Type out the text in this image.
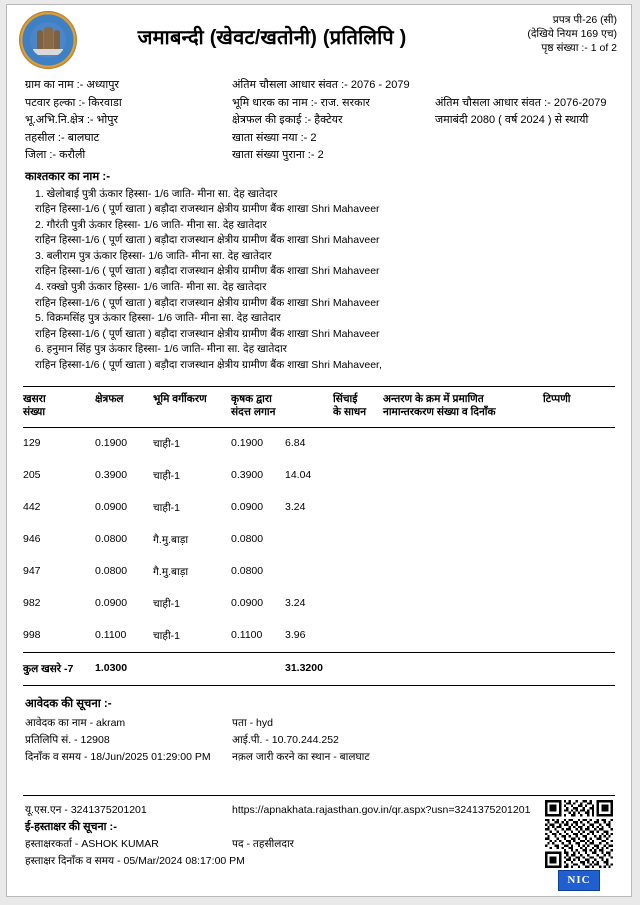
जमाबन्दी (खेवट/खतोनी) (प्रतिलिपि )
प्रपत्र पी-26 (सी)
(देखिये नियम 169 एच)
पृष्ठ संख्या :- 1 of 2
ग्राम का नाम :- अध्यापुर	अंतिम चौसला आधार संवत :- 2076 - 2079
पटवार हल्का :- किरवाडा	भूमि धारक का नाम :- राज. सरकार	अंतिम चौसला आधार संवत :- 2076-2079
भू.अभि.नि.क्षेत्र :- भोपुर	क्षेत्रफल की इकाई :- हैक्टेयर	जमाबंदी 2080 ( वर्ष 2024 ) से स्थायी
तहसील :- बालघाट	खाता संख्या नया :- 2
जिला :- करौली	खाता संख्या पुराना :- 2
काश्तकार का नाम :-
1. खेलोबाई पुत्री ऊंकार हिस्सा- 1/6 जाति- मीना सा. देह खातेदार
राहिन हिस्सा-1/6 ( पूर्ण खाता ) बड़ौदा राजस्थान क्षेत्रीय ग्रामीण बैंक शाखा Shri Mahaveer
2. गौरंती पुत्री ऊंकार हिस्सा- 1/6 जाति- मीना सा. देह खातेदार
राहिन हिस्सा-1/6 ( पूर्ण खाता ) बड़ौदा राजस्थान क्षेत्रीय ग्रामीण बैंक शाखा Shri Mahaveer
3. बलीराम पुत्र ऊंकार हिस्सा- 1/6 जाति- मीना सा. देह खातेदार
राहिन हिस्सा-1/6 ( पूर्ण खाता ) बड़ौदा राजस्थान क्षेत्रीय ग्रामीण बैंक शाखा Shri Mahaveer
4. रक्खो पुत्री ऊंकार हिस्सा- 1/6 जाति- मीना सा. देह खातेदार
राहिन हिस्सा-1/6 ( पूर्ण खाता ) बड़ौदा राजस्थान क्षेत्रीय ग्रामीण बैंक शाखा Shri Mahaveer
5. विक्रमसिंह पुत्र ऊंकार हिस्सा- 1/6 जाति- मीना सा. देह खातेदार
राहिन हिस्सा-1/6 ( पूर्ण खाता ) बड़ौदा राजस्थान क्षेत्रीय ग्रामीण बैंक शाखा Shri Mahaveer
6. हनुमान सिंह पुत्र ऊंकार हिस्सा- 1/6 जाति- मीना सा. देह खातेदार
राहिन हिस्सा-1/6 ( पूर्ण खाता ) बड़ौदा राजस्थान क्षेत्रीय ग्रामीण बैंक शाखा Shri Mahaveer,
खसरा
संख्या
	क्षेत्रफल	भूमि वर्गीकरण	कृषक द्वारा
संदत्त लगान
		सिंचाई
के साधन
	अन्तरण के क्रम में प्रमाणित
नामान्तरकरण संख्या व दिनाँक
	टिप्पणी
129	0.1900	चाही-1	0.1900	6.84			
205	0.3900	चाही-1	0.3900	14.04			
442	0.0900	चाही-1	0.0900	3.24			
946	0.0800	गै.मु.बाड़ा	0.0800				
947	0.0800	गै.मु.बाड़ा	0.0800				
982	0.0900	चाही-1	0.0900	3.24			
998	0.1100	चाही-1	0.1100	3.96			
कुल खसरे -7	1.0300			31.3200			
आवेदक की सूचना :-
आवेदक का नाम - akram	पता - hyd
प्रतिलिपि सं. - 12908	आई.पी. - 10.70.244.252
दिनाँक व समय - 18/Jun/2025 01:29:00 PM नक़ल जारी करने का स्थान - बालघाट
यू.एस.एन - 3241375201201	https://apnakhata.rajasthan.gov.in/qr.aspx?usn=3241375201201
ई-हस्ताक्षर की सूचना :-
हस्ताक्षरकर्ता - ASHOK KUMAR	पद - तहसीलदार
हस्ताक्षर दिनाँक व समय - 05/Mar/2024 08:17:00 PM
NIC
